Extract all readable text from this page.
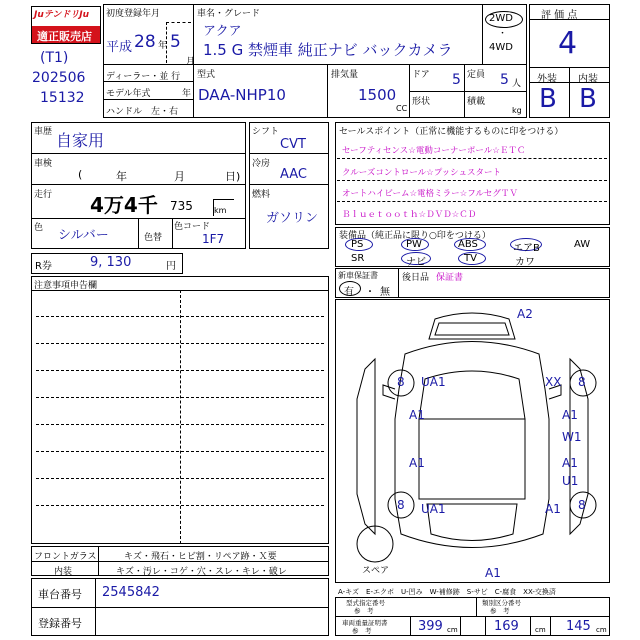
JuテンドリJu
適正販売店
(T1)
202506
15132
初度登録年月
平成 28 年 5
月
ディーラー・並 行
モデル年式	年
ハンドル　左・右
車名・グレード
アクア
1.5 G 禁煙車 純正ナビ バックカメラ
2WD
・
4WD
型式
DAA-NHP10
排気量
1500
CC
ドア 5
形状
定員 5 人
積載
kg
評 価 点
4
外装 内装
B B
車歴 自家用
車検
(	年	月	日)
走行 4万4千 735	km
色 シルバー	色替
色コード
1F7
シフト
CVT
冷房
AAC
燃料
ガソリン
R券	9, 130	円
注意事項申告欄
セールスポイント（正常に機能するものに印をつける）
セーフティセンス☆電動コーナーポール☆ＥＴＣ
クルーズコントロール☆プッシュスタート
オートハイビーム☆電格ミラー☆フルセグＴＶ
Ｂｌｕｅｔｏｏｔｈ☆ＤＶＤ☆ＣＤ
装備品（純正品に限り○印をつける）
PS	PW	ABS	エアB	AW
SR	ナビ	TV	カワ
新車保証書
有 ・ 無
後日品 保証書
A2
8 UA1	XX 8
A1	A1
W1
A1	A1
U1
8 UA1	A1 8
A1
スペア
A-キズ　E-エクボ　U-凹み　W-補修跡　S-サビ　C-腐食　XX-交換済
フロントガラス	キズ・飛石・ヒビ割・リペア跡・Ｘ要
内装	キズ・汚レ・コゲ・穴・スレ・キレ・破レ
車台番号 2545842
登録番号
型式指定番号
参　考
類別区分番号
参　考
車両重量証明書
参　考	399 cm	169 cm 145 cm
